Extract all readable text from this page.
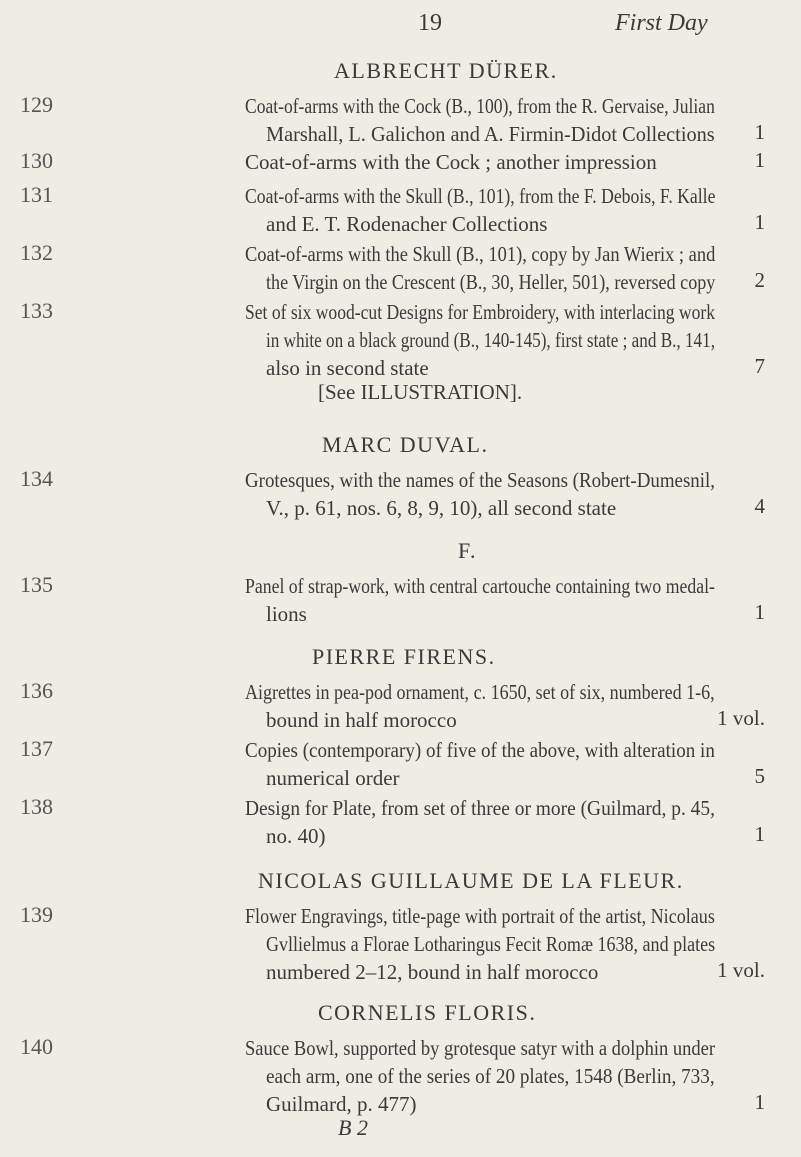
19	First Day
ALBRECHT DÜRER.
129	Coat-of-arms with the Cock (B., 100), from the R. Gervaise, Julian
Marshall, L. Galichon and A. Firmin-Didot Collections	1
130	Coat-of-arms with the Cock ; another impression	1
131	Coat-of-arms with the Skull (B., 101), from the F. Debois, F. Kalle
and E. T. Rodenacher Collections	1
132	Coat-of-arms with the Skull (B., 101), copy by Jan Wierix ; and
the Virgin on the Crescent (B., 30, Heller, 501), reversed copy	2
133	Set of six wood-cut Designs for Embroidery, with interlacing work
in white on a black ground (B., 140-145), first state ; and B., 141,
also in second state	7
[See ILLUSTRATION].
MARC DUVAL.
134	Grotesques, with the names of the Seasons (Robert-Dumesnil,
V., p. 61, nos. 6, 8, 9, 10), all second state	4
F.
135	Panel of strap-work, with central cartouche containing two medal-
lions	1
PIERRE FIRENS.
136	Aigrettes in pea-pod ornament, c. 1650, set of six, numbered 1-6,
bound in half morocco	1 vol.
137	Copies (contemporary) of five of the above, with alteration in
numerical order	5
138	Design for Plate, from set of three or more (Guilmard, p. 45,
no. 40)	1
NICOLAS GUILLAUME DE LA FLEUR.
139	Flower Engravings, title-page with portrait of the artist, Nicolaus
Gvllielmus a Florae Lotharingus Fecit Romæ 1638, and plates
numbered 2–12, bound in half morocco	1 vol.
CORNELIS FLORIS.
140	Sauce Bowl, supported by grotesque satyr with a dolphin under
each arm, one of the series of 20 plates, 1548 (Berlin, 733,
Guilmard, p. 477)	1
B 2
